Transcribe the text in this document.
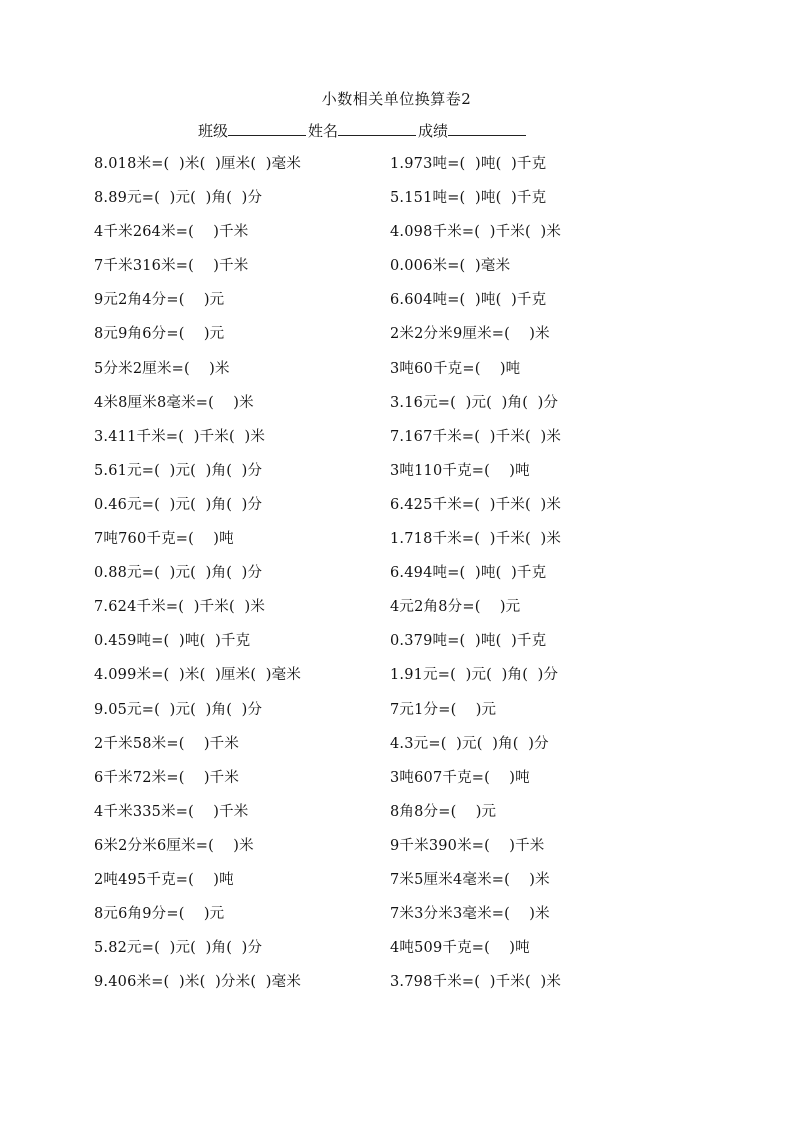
小数相关单位换算卷2
班级	姓名	成绩
8.018米=(  )米(  )厘米(  )毫米
8.89元=(  )元(  )角(  )分
4千米264米=(    )千米
7千米316米=(    )千米
9元2角4分=(    )元
8元9角6分=(    )元
5分米2厘米=(    )米
4米8厘米8毫米=(    )米
3.411千米=(  )千米(  )米
5.61元=(  )元(  )角(  )分
0.46元=(  )元(  )角(  )分
7吨760千克=(    )吨
0.88元=(  )元(  )角(  )分
7.624千米=(  )千米(  )米
0.459吨=(  )吨(  )千克
4.099米=(  )米(  )厘米(  )毫米
9.05元=(  )元(  )角(  )分
2千米58米=(    )千米
6千米72米=(    )千米
4千米335米=(    )千米
6米2分米6厘米=(    )米
2吨495千克=(    )吨
8元6角9分=(    )元
5.82元=(  )元(  )角(  )分
9.406米=(  )米(  )分米(  )毫米
1.973吨=(  )吨(  )千克
5.151吨=(  )吨(  )千克
4.098千米=(  )千米(  )米
0.006米=(  )毫米
6.604吨=(  )吨(  )千克
2米2分米9厘米=(    )米
3吨60千克=(    )吨
3.16元=(  )元(  )角(  )分
7.167千米=(  )千米(  )米
3吨110千克=(    )吨
6.425千米=(  )千米(  )米
1.718千米=(  )千米(  )米
6.494吨=(  )吨(  )千克
4元2角8分=(    )元
0.379吨=(  )吨(  )千克
1.91元=(  )元(  )角(  )分
7元1分=(    )元
4.3元=(  )元(  )角(  )分
3吨607千克=(    )吨
8角8分=(    )元
9千米390米=(    )千米
7米5厘米4毫米=(    )米
7米3分米3毫米=(    )米
4吨509千克=(    )吨
3.798千米=(  )千米(  )米
